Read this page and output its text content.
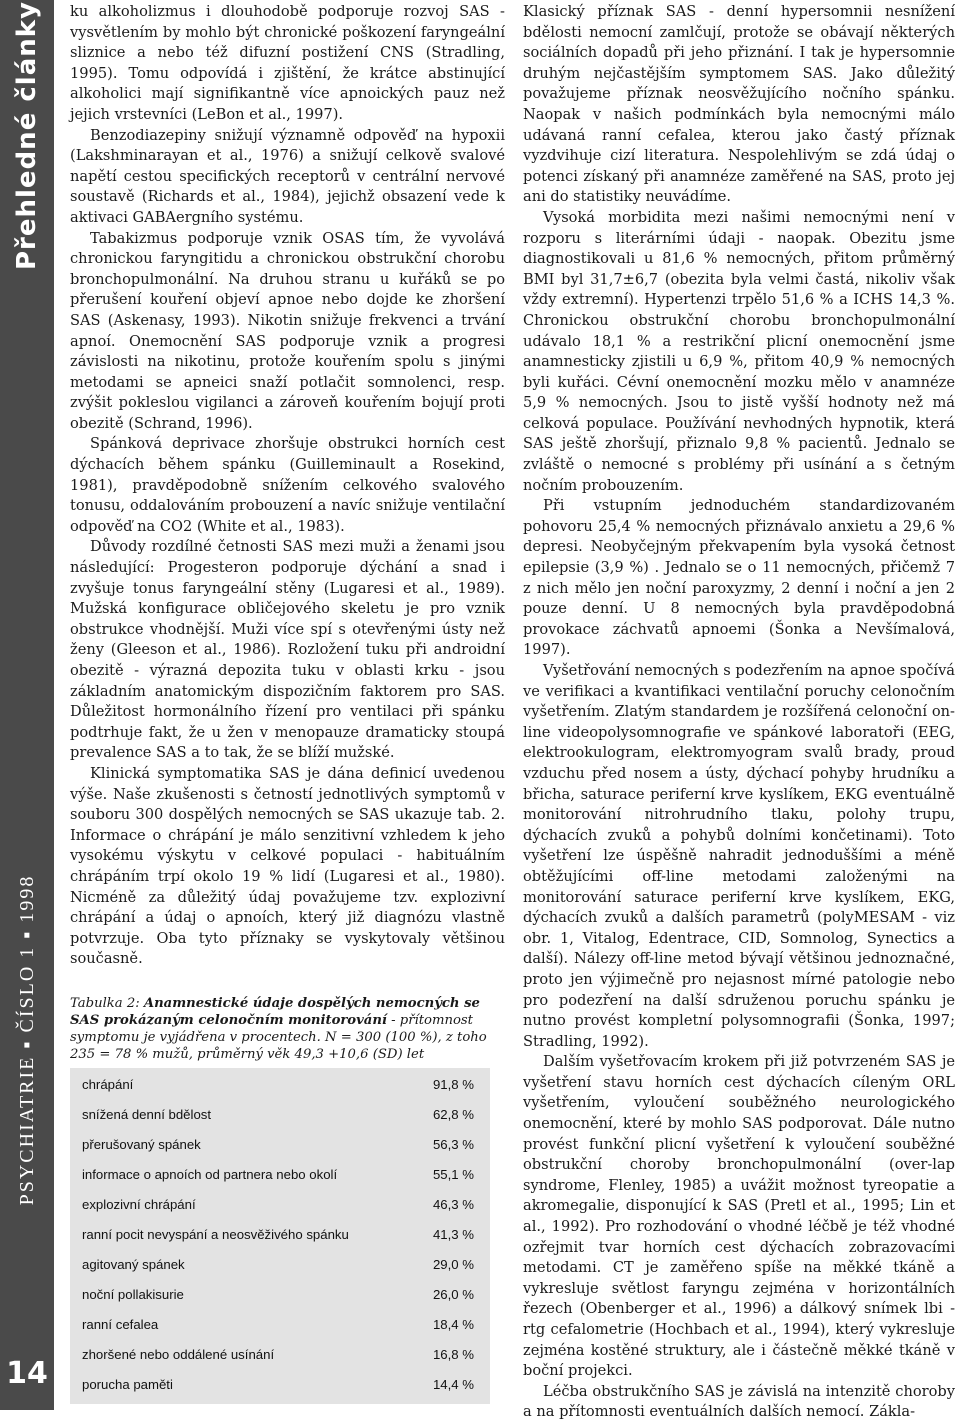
Přehledné články
PSYCHIATRIE ▪ ČÍSLO 1 ▪ 1998
14

ku alkoholizmus i dlouhodobě podporuje rozvoj SAS - vysvětlením by mohlo být chronické poškození faryngeální sliznice a nebo též difuzní postižení CNS (Stradling, 1995). Tomu odpovídá i zjištění, že krátce abstinující alkoholici mají signifikantně více apnoických pauz než jejich vrstevníci (LeBon et al., 1997).

Benzodiazepiny snižují významně odpověď na hypoxii (Lakshminarayan et al., 1976) a snižují celkově svalové napětí cestou specifických receptorů v centrální nervové soustavě (Richards et al., 1984), jejichž obsazení vede k aktivaci GABAergního systému.

Tabakizmus podporuje vznik OSAS tím, že vyvolává chronickou faryngitidu a chronickou obstrukční chorobu bronchopulmonální. Na druhou stranu u kuřáků se po přerušení kouření objeví apnoe nebo dojde ke zhoršení SAS (Askenasy, 1993). Nikotin snižuje frekvenci a trvání apnoí. Onemocnění SAS podporuje vznik a progresi závislosti na nikotinu, protože kouřením spolu s jinými metodami se apneici snaží potlačit somnolenci, resp. zvýšit pokleslou vigilanci a zároveň kouřením bojují proti obezitě (Schrand, 1996).

Spánková deprivace zhoršuje obstrukci horních cest dýchacích během spánku (Guilleminault a Rosekind, 1981), pravděpodobně snížením celkového svalového tonusu, oddalováním probouzení a navíc snižuje ventilační odpověď na CO2 (White et al., 1983).

Důvody rozdílné četnosti SAS mezi muži a ženami jsou následující: Progesteron podporuje dýchání a snad i zvyšuje tonus faryngeální stěny (Lugaresi et al., 1989). Mužská konfigurace obličejového skeletu je pro vznik obstrukce vhodnější. Muži více spí s otevřenými ústy než ženy (Gleeson et al., 1986). Rozložení tuku při androidní obezitě - výrazná depozita tuku v oblasti krku - jsou základním anatomickým dispozičním faktorem pro SAS. Důležitost hormonálního řízení pro ventilaci při spánku podtrhuje fakt, že u žen v menopauze dramaticky stoupá prevalence SAS a to tak, že se blíží mužské.

Klinická symptomatika SAS je dána definicí uvedenou výše. Naše zkušenosti s četností jednotlivých symptomů v souboru 300 dospělých nemocných se SAS ukazuje tab. 2. Informace o chrápání je málo senzitivní vzhledem k jeho vysokému výskytu v celkové populaci - habituálním chrápáním trpí okolo 19 % lidí (Lugaresi et al., 1980). Nicméně za důležitý údaj považujeme tzv. explozivní chrápání a údaj o apnoích, který již diagnózu vlastně potvrzuje. Oba tyto příznaky se vyskytovaly většinou současně.

Tabulka 2: Anamnestické údaje dospělých nemocných se SAS prokázaným celonočním monitorování - přítomnost symptomu je vyjádřena v procentech. N = 300 (100 %), z toho 235 = 78 % mužů, průměrný věk 49,3 +10,6 (SD) let
chrápání	91,8 %
snížená denní bdělost	62,8 %
přerušovaný spánek	56,3 %
informace o apnoích od partnera nebo okolí	55,1 %
explozivní chrápání	46,3 %
ranní pocit nevyspání a neosvěživého spánku	41,3 %
agitovaný spánek	29,0 %
noční pollakisurie	26,0 %
ranní cefalea	18,4 %
zhoršené nebo oddálené usínání	16,8 %
porucha paměti	14,4 %

Klasický příznak SAS - denní hypersomnii nesnížení bdělosti nemocní zamlčují, protože se obávají některých sociálních dopadů při jeho přiznání. I tak je hypersomnie druhým nejčastějším symptomem SAS. Jako důležitý považujeme příznak neosvěžujícího nočního spánku. Naopak v našich podmínkách byla nemocnými málo udávaná ranní cefalea, kterou jako častý příznak vyzdvihuje cizí literatura. Nespolehlivým se zdá údaj o potenci získaný při anamnéze zaměřené na SAS, proto jej ani do statistiky neuvádíme.

Vysoká morbidita mezi našimi nemocnými není v rozporu s literárními údaji - naopak. Obezitu jsme diagnostikovali u 81,6 % nemocných, přitom průměrný BMI byl 31,7±6,7 (obezita byla velmi častá, nikoliv však vždy extremní). Hypertenzi trpělo 51,6 % a ICHS 14,3 %. Chronickou obstrukční chorobu bronchopulmonální udávalo 18,1 % a restrikční plicní onemocnění jsme anamnesticky zjistili u 6,9 %, přitom 40,9 % nemocných byli kuřáci. Cévní onemocnění mozku mělo v anamnéze 5,9 % nemocných. Jsou to jistě vyšší hodnoty než má celková populace. Používání nevhodných hypnotik, která SAS ještě zhoršují, přiznalo 9,8 % pacientů. Jednalo se zvláště o nemocné s problémy při usínání a s četným nočním probouzením.

Při vstupním jednoduchém standardizovaném pohovoru 25,4 % nemocných přiznávalo anxietu a 29,6 % depresi. Neobyčejným překvapením byla vysoká četnost epilepsie (3,9 %) . Jednalo se o 11 nemocných, přičemž 7 z nich mělo jen noční paroxyzmy, 2 denní i noční a jen 2 pouze denní. U 8 nemocných byla pravděpodobná provokace záchvatů apnoemi (Šonka a Nevšímalová, 1997).

Vyšetřování nemocných s podezřením na apnoe spočívá ve verifikaci a kvantifikaci ventilační poruchy celonočním vyšetřením. Zlatým standardem je rozšířená celonoční on-line videopolysomnografie ve spánkové laboratoři (EEG, elektrookulogram, elektromyogram svalů brady, proud vzduchu před nosem a ústy, dýchací pohyby hrudníku a břicha, saturace periferní krve kyslíkem, EKG eventuálně monitorování nitrohrudního tlaku, polohy trupu, dýchacích zvuků a pohybů dolními končetinami). Toto vyšetření lze úspěšně nahradit jednoduššími a méně obtěžujícími off-line metodami založenými na monitorování saturace periferní krve kyslíkem, EKG, dýchacích zvuků a dalších parametrů (polyMESAM - viz obr. 1, Vitalog, Edentrace, CID, Somnolog, Synectics a další). Nálezy off-line metod bývají většinou jednoznačné, proto jen výjimečně pro nejasnost mírné patologie nebo pro podezření na další sdruženou poruchu spánku je nutno provést kompletní polysomnografii (Šonka, 1997; Stradling, 1992).

Dalším vyšetřovacím krokem při již potvrzeném SAS je vyšetření stavu horních cest dýchacích cíleným ORL vyšetřením, vyloučení souběžného neurologického onemocnění, které by mohlo SAS podporovat. Dále nutno provést funkční plicní vyšetření k vyloučení souběžné obstrukční choroby bronchopulmonální (over-lap syndrome, Flenley, 1985) a uvážit možnost tyreopatie a akromegalie, disponující k SAS (Pretl et al., 1995; Lin et al., 1992). Pro rozhodování o vhodné léčbě je též vhodné ozřejmit tvar horních cest dýchacích zobrazovacími metodami. CT je zaměřeno spíše na měkké tkáně a vykresluje světlost faryngu zejména v horizontálních řezech (Obenberger et al., 1996) a dálkový snímek lbi - rtg cefalometrie (Hochbach et al., 1994), který vykresluje zejména kostěné struktury, ale i částečně měkké tkáně v boční projekci.

Léčba obstrukčního SAS je závislá na intenzitě choroby a na přítomnosti eventuálních dalších nemocí. Zákla-
